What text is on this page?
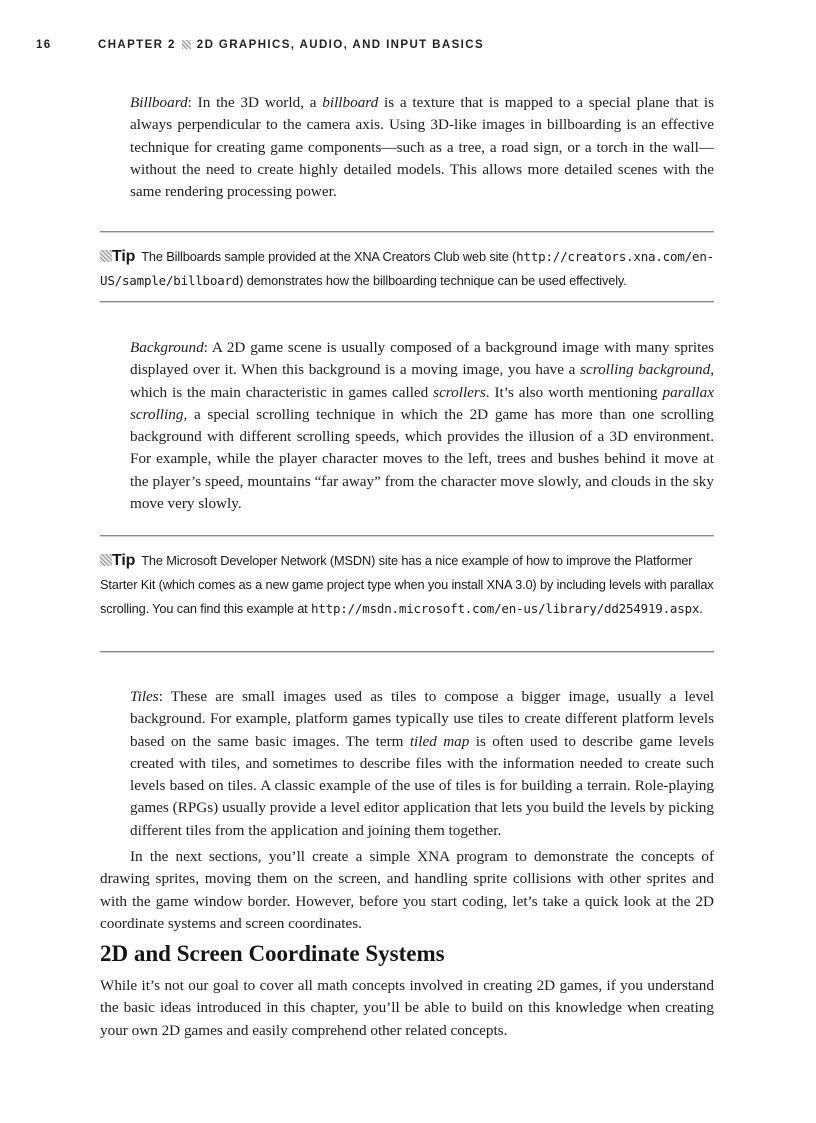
16	CHAPTER 2 2D GRAPHICS, AUDIO, AND INPUT BASICS

Billboard: In the 3D world, a billboard is a texture that is mapped to a special plane that is always perpendicular to the camera axis. Using 3D-like images in billboarding is an effective technique for creating game components—such as a tree, a road sign, or a torch in the wall—without the need to create highly detailed models. This allows more detailed scenes with the same rendering processing power.

Tip The Billboards sample provided at the XNA Creators Club web site (http://creators.xna.com/en-US/sample/billboard) demonstrates how the billboarding technique can be used effectively.

Background: A 2D game scene is usually composed of a background image with many sprites displayed over it. When this background is a moving image, you have a scrolling background, which is the main characteristic in games called scrollers. It’s also worth mentioning parallax scrolling, a special scrolling technique in which the 2D game has more than one scrolling background with different scrolling speeds, which provides the illusion of a 3D environment. For example, while the player character moves to the left, trees and bushes behind it move at the player’s speed, mountains “far away” from the character move slowly, and clouds in the sky move very slowly.

Tip The Microsoft Developer Network (MSDN) site has a nice example of how to improve the Platformer Starter Kit (which comes as a new game project type when you install XNA 3.0) by including levels with parallax scrolling. You can find this example at http://msdn.microsoft.com/en-us/library/dd254919.aspx.

Tiles: These are small images used as tiles to compose a bigger image, usually a level background. For example, platform games typically use tiles to create different platform levels based on the same basic images. The term tiled map is often used to describe game levels created with tiles, and sometimes to describe files with the information needed to create such levels based on tiles. A classic example of the use of tiles is for building a terrain. Role-playing games (RPGs) usually provide a level editor application that lets you build the levels by picking different tiles from the application and joining them together.

In the next sections, you’ll create a simple XNA program to demonstrate the concepts of drawing sprites, moving them on the screen, and handling sprite collisions with other sprites and with the game window border. However, before you start coding, let’s take a quick look at the 2D coordinate systems and screen coordinates.

2D and Screen Coordinate Systems

While it’s not our goal to cover all math concepts involved in creating 2D games, if you understand the basic ideas introduced in this chapter, you’ll be able to build on this knowledge when creating your own 2D games and easily comprehend other related concepts.
